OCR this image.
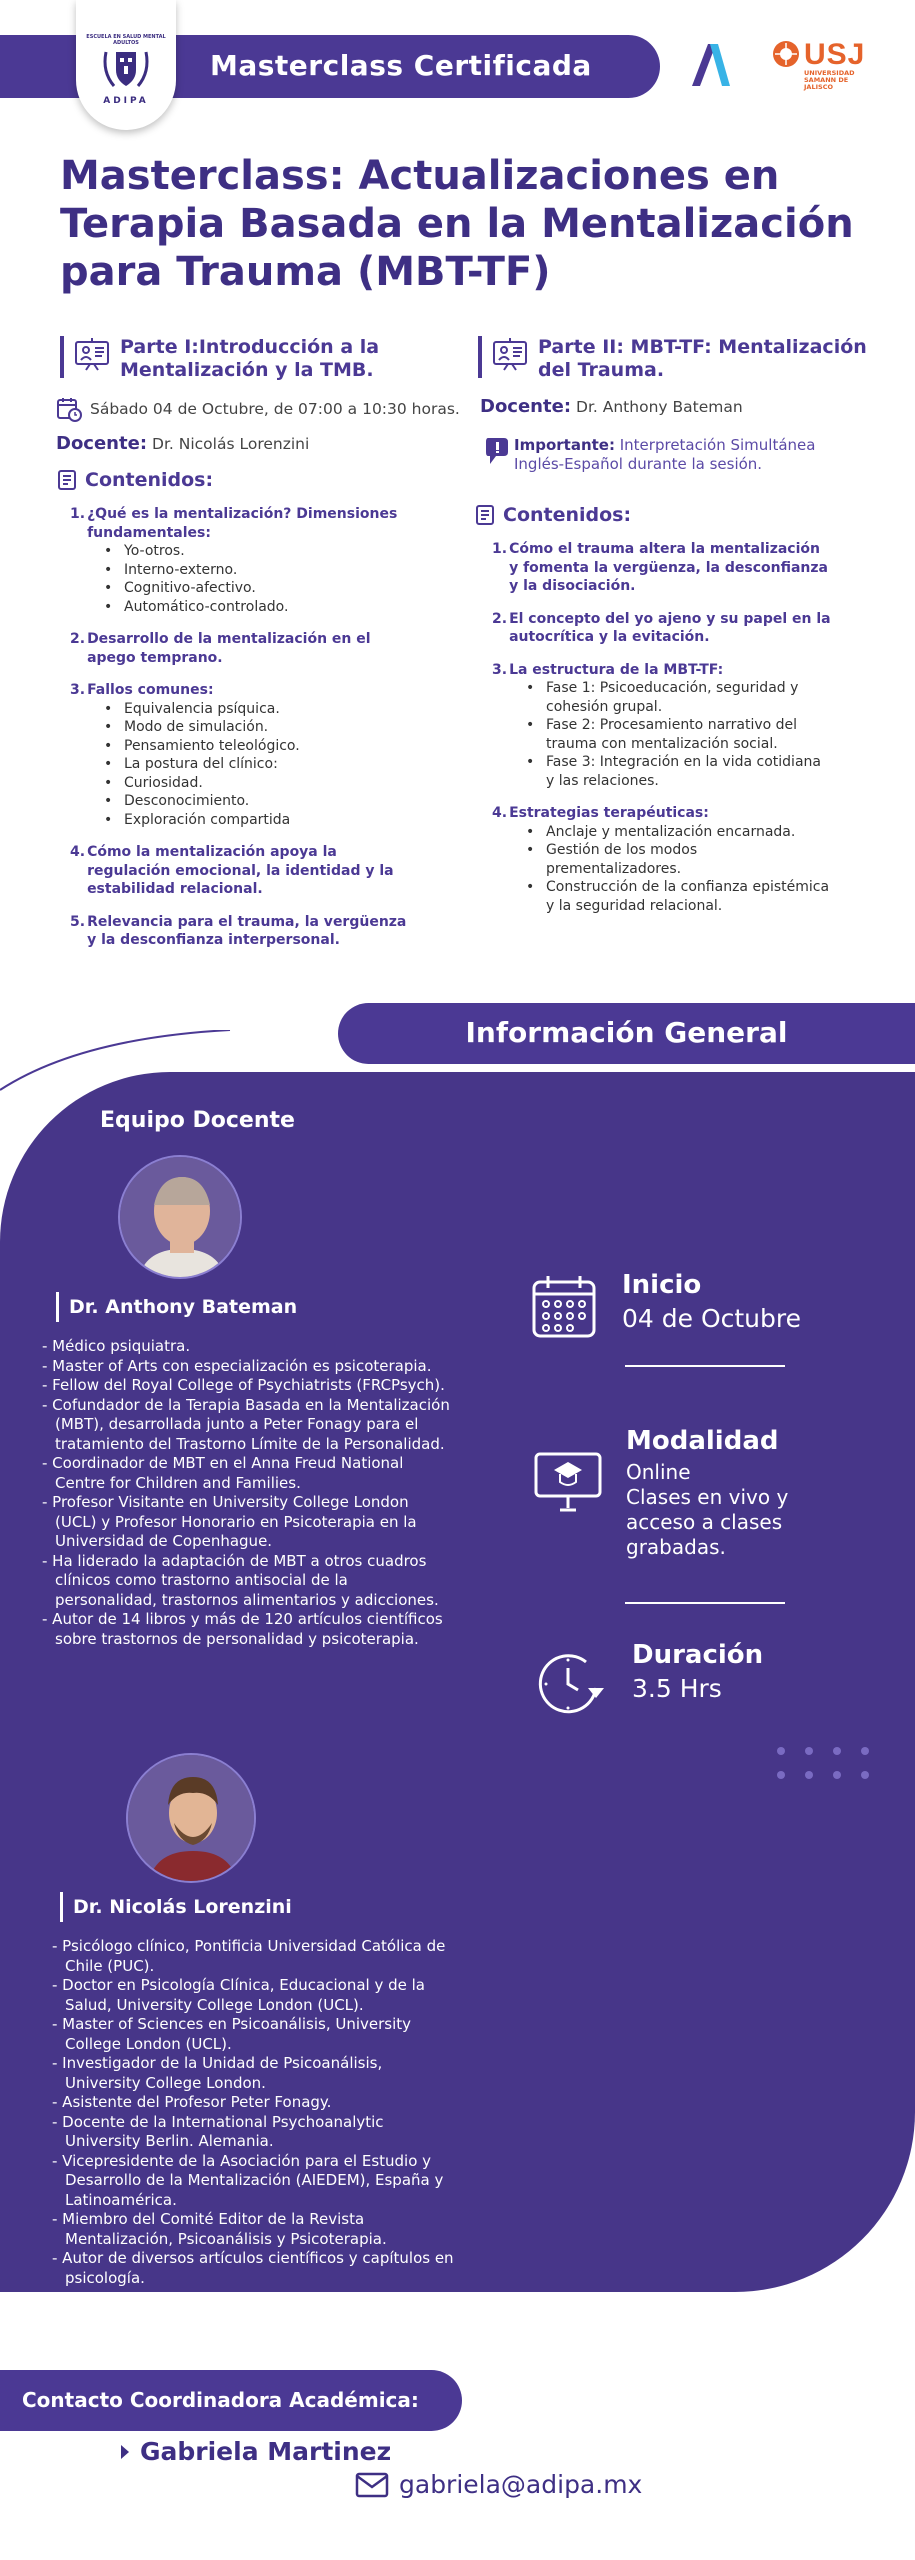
Masterclass Certificada
ESCUELA EN SALUD MENTAL ADULTOS
ADIPA
USJ
UNIVERSIDAD
SAMANN DE
JALISCO
Masterclass: Actualizaciones en Terapia Basada en la Mentalización para Trauma (MBT-TF)
Parte I:Introducción a la Mentalización y la TMB.
Sábado 04 de Octubre, de 07:00 a 10:30 horas.
Docente: Dr. Nicolás Lorenzini
Contenidos:
1. ¿Qué es la mentalización? Dimensiones fundamentales:
• Yo-otros.
• Interno-externo.
• Cognitivo-afectivo.
• Automático-controlado.
2. Desarrollo de la mentalización en el apego temprano.
3. Fallos comunes:
• Equivalencia psíquica.
• Modo de simulación.
• Pensamiento teleológico.
• La postura del clínico:
• Curiosidad.
• Desconocimiento.
• Exploración compartida
4. Cómo la mentalización apoya la regulación emocional, la identidad y la estabilidad relacional.
5. Relevancia para el trauma, la vergüenza y la desconfianza interpersonal.
Parte II: MBT-TF: Mentalización del Trauma.
Docente: Dr. Anthony Bateman
Importante: Interpretación Simultánea Inglés-Español durante la sesión.
Contenidos:
1. Cómo el trauma altera la mentalización y fomenta la vergüenza, la desconfianza y la disociación.
2. El concepto del yo ajeno y su papel en la autocrítica y la evitación.
3. La estructura de la MBT-TF:
• Fase 1: Psicoeducación, seguridad y cohesión grupal.
• Fase 2: Procesamiento narrativo del trauma con mentalización social.
• Fase 3: Integración en la vida cotidiana y las relaciones.
4. Estrategias terapéuticas:
• Anclaje y mentalización encarnada.
• Gestión de los modos prementalizadores.
• Construcción de la confianza epistémica y la seguridad relacional.
Información General
Equipo Docente
Dr. Anthony Bateman
- Médico psiquiatra.
- Master of Arts con especialización es psicoterapia.
- Fellow del Royal College of Psychiatrists (FRCPsych).
- Cofundador de la Terapia Basada en la Mentalización (MBT), desarrollada junto a Peter Fonagy para el tratamiento del Trastorno Límite de la Personalidad.
- Coordinador de MBT en el Anna Freud National Centre for Children and Families.
- Profesor Visitante en University College London (UCL) y Profesor Honorario en Psicoterapia en la Universidad de Copenhague.
- Ha liderado la adaptación de MBT a otros cuadros clínicos como trastorno antisocial de la personalidad, trastornos alimentarios y adicciones.
- Autor de 14 libros y más de 120 artículos científicos sobre trastornos de personalidad y psicoterapia.
Dr. Nicolás Lorenzini
- Psicólogo clínico, Pontificia Universidad Católica de Chile (PUC).
- Doctor en Psicología Clínica, Educacional y de la Salud, University College London (UCL).
- Master of Sciences en Psicoanálisis, University College London (UCL).
- Investigador de la Unidad de Psicoanálisis, University College London.
- Asistente del Profesor Peter Fonagy.
- Docente de la International Psychoanalytic University Berlin. Alemania.
- Vicepresidente de la Asociación para el Estudio y Desarrollo de la Mentalización (AIEDEM), España y Latinoamérica.
- Miembro del Comité Editor de la Revista Mentalización, Psicoanálisis y Psicoterapia.
- Autor de diversos artículos científicos y capítulos en psicología.
Inicio
04 de Octubre
Modalidad
Online
Clases en vivo y acceso a clases grabadas.
Duración
3.5 Hrs
Contacto Coordinadora Académica:
Gabriela Martinez
gabriela@adipa.mx
